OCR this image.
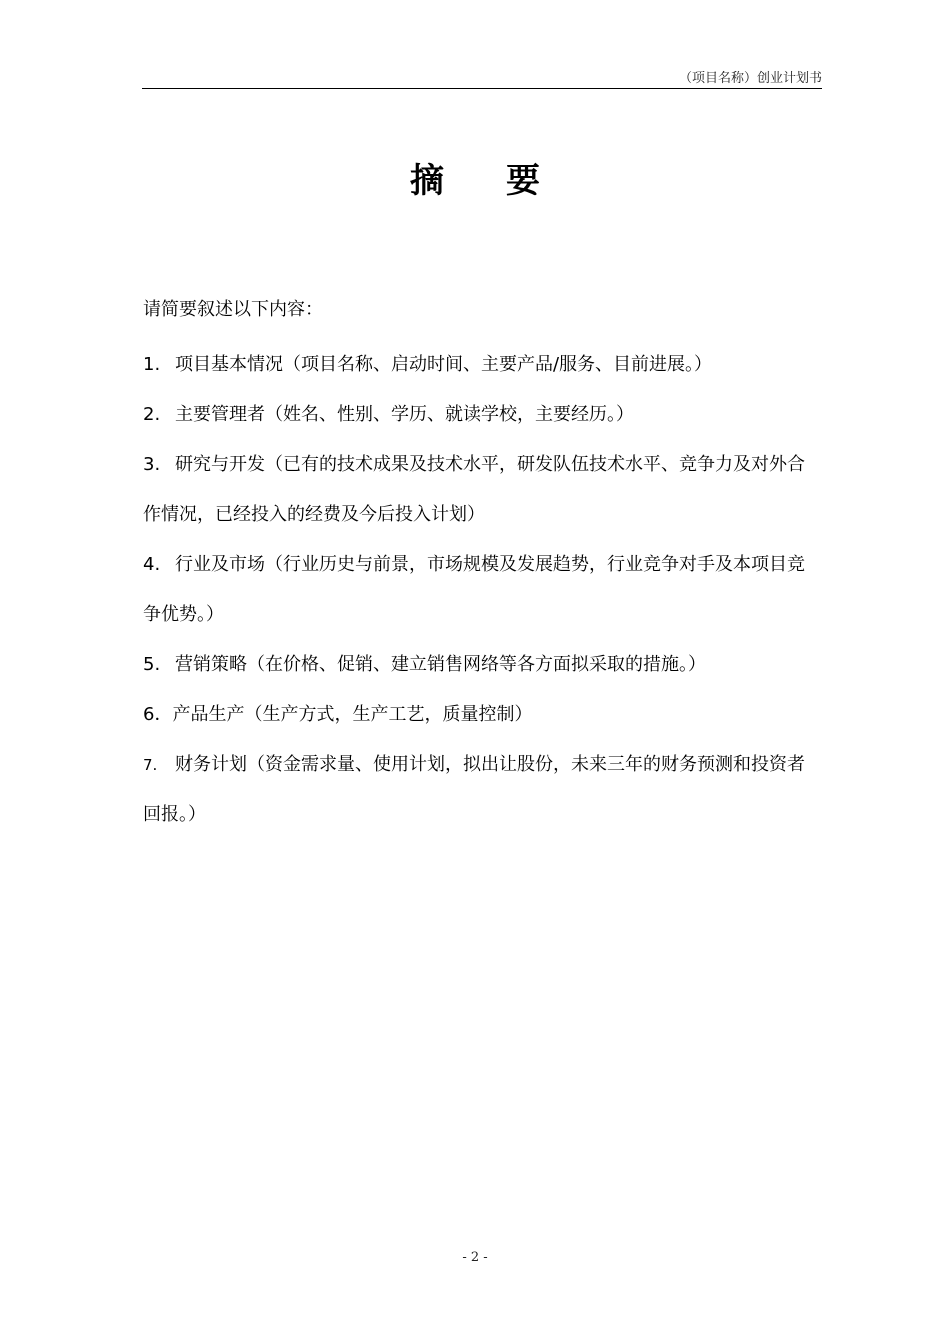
（项目名称）创业计划书
摘 要

请简要叙述以下内容：

1. 项目基本情况（项目名称、启动时间、主要产品/服务、目前进展。）

2. 主要管理者（姓名、性别、学历、就读学校，主要经历。）

3. 研究与开发（已有的技术成果及技术水平，研发队伍技术水平、竞争力及对外合作情况，已经投入的经费及今后投入计划）

4. 行业及市场（行业历史与前景，市场规模及发展趋势，行业竞争对手及本项目竞争优势。）

5. 营销策略（在价格、促销、建立销售网络等各方面拟采取的措施。）

6．产品生产（生产方式，生产工艺，质量控制）

7. 财务计划（资金需求量、使用计划，拟出让股份，未来三年的财务预测和投资者回报。）

- 2 -
